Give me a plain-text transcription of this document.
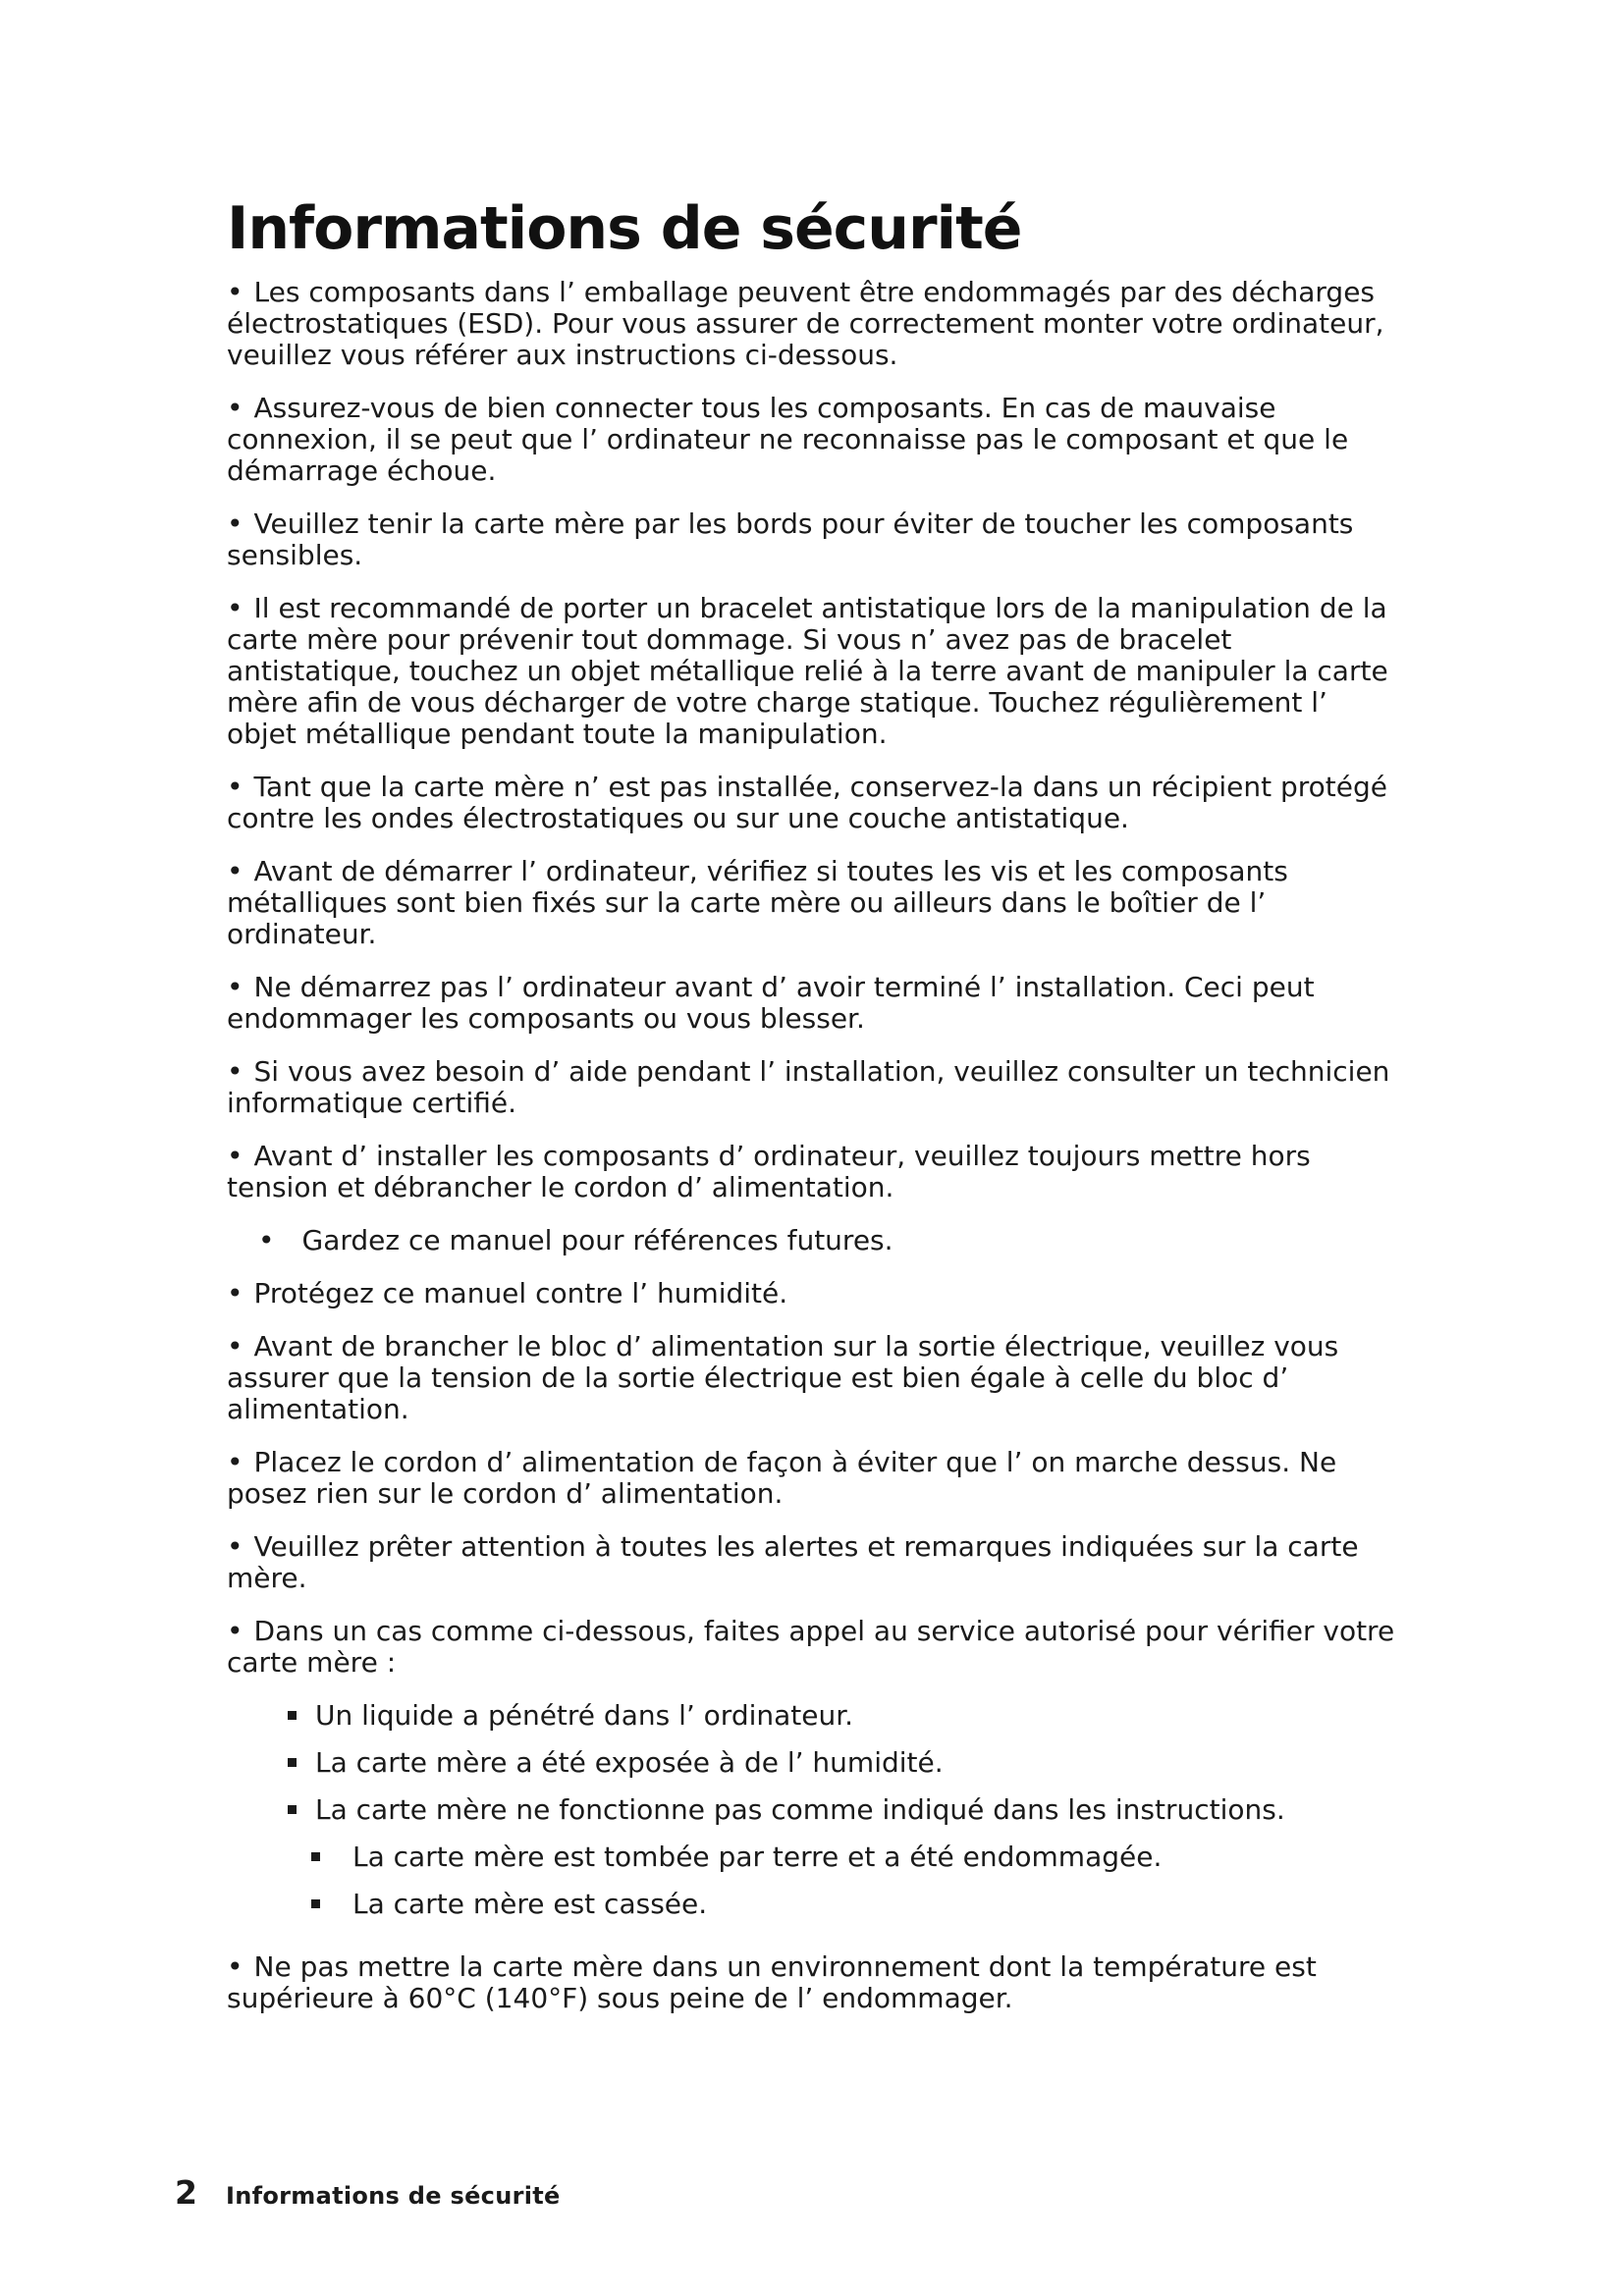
Informations de sécurité

• Les composants dans l’ emballage peuvent être endommagés par des décharges électrostatiques (ESD). Pour vous assurer de correctement monter votre ordinateur, veuillez vous référer aux instructions ci-dessous.

• Assurez-vous de bien connecter tous les composants. En cas de mauvaise connexion, il se peut que l’ ordinateur ne reconnaisse pas le composant et que le démarrage échoue.

• Veuillez tenir la carte mère par les bords pour éviter de toucher les composants sensibles.

• Il est recommandé de porter un bracelet antistatique lors de la manipulation de la carte mère pour prévenir tout dommage. Si vous n’ avez pas de bracelet antistatique, touchez un objet métallique relié à la terre avant de manipuler la carte mère afin de vous décharger de votre charge statique. Touchez régulièrement l’ objet métallique pendant toute la manipulation.

• Tant que la carte mère n’ est pas installée, conservez-la dans un récipient protégé contre les ondes électrostatiques ou sur une couche antistatique.

• Avant de démarrer l’ ordinateur, vérifiez si toutes les vis et les composants métalliques sont bien fixés sur la carte mère ou ailleurs dans le boîtier de l’ ordinateur.

• Ne démarrez pas l’ ordinateur avant d’ avoir terminé l’ installation. Ceci peut endommager les composants ou vous blesser.

• Si vous avez besoin d’ aide pendant l’ installation, veuillez consulter un technicien informatique certifié.

• Avant d’ installer les composants d’ ordinateur, veuillez toujours mettre hors tension et débrancher le cordon d’ alimentation.

• Gardez ce manuel pour références futures.

• Protégez ce manuel contre l’ humidité.

• Avant de brancher le bloc d’ alimentation sur la sortie électrique, veuillez vous assurer que la tension de la sortie électrique est bien égale à celle du bloc d’ alimentation.

• Placez le cordon d’ alimentation de façon à éviter que l’ on marche dessus. Ne posez rien sur le cordon d’ alimentation.

• Veuillez prêter attention à toutes les alertes et remarques indiquées sur la carte mère.

• Dans un cas comme ci-dessous, faites appel au service autorisé pour vérifier votre carte mère :

Un liquide a pénétré dans l’ ordinateur.
La carte mère a été exposée à de l’ humidité.
La carte mère ne fonctionne pas comme indiqué dans les instructions.
La carte mère est tombée par terre et a été endommagée.
La carte mère est cassée.

• Ne pas mettre la carte mère dans un environnement dont la température est supérieure à 60°C (140°F) sous peine de l’ endommager.

2 Informations de sécurité
